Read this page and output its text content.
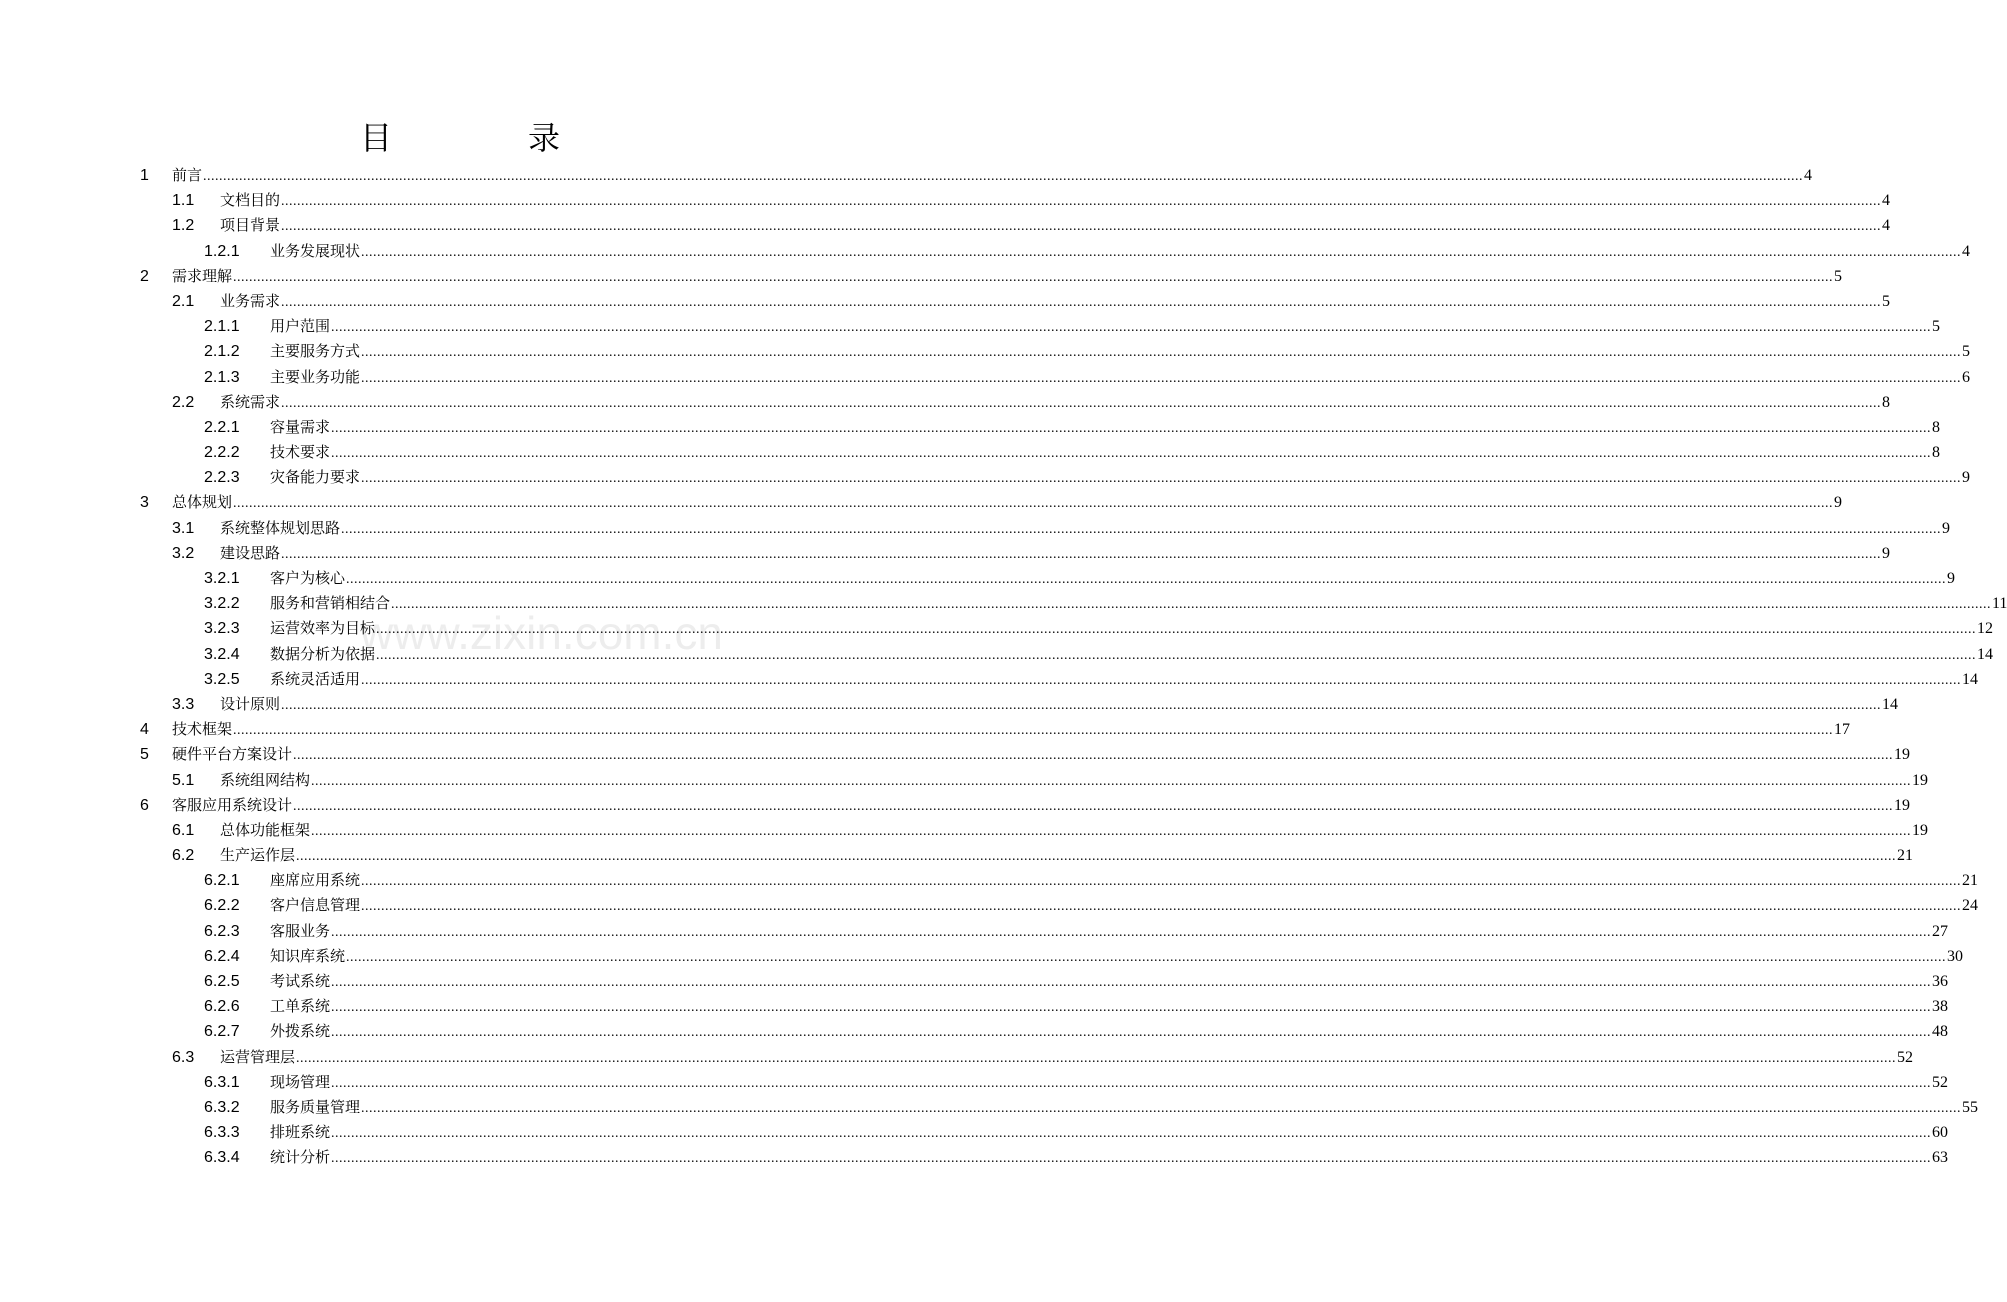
目　录
1 前言 ................................................................................................................................................................................................................................................................................................................................................................................................................ 4
1.1 文档目的 ................................................................................................................................................................................................................................................................................................................................................................................................................ 4
1.2 项目背景 ................................................................................................................................................................................................................................................................................................................................................................................................................ 4
1.2.1 业务发展现状 ................................................................................................................................................................................................................................................................................................................................................................................................................ 4
2 需求理解 ................................................................................................................................................................................................................................................................................................................................................................................................................ 5
2.1 业务需求 ................................................................................................................................................................................................................................................................................................................................................................................................................ 5
2.1.1 用户范围 ................................................................................................................................................................................................................................................................................................................................................................................................................ 5
2.1.2 主要服务方式 ................................................................................................................................................................................................................................................................................................................................................................................................................ 5
2.1.3 主要业务功能 ................................................................................................................................................................................................................................................................................................................................................................................................................ 6
2.2 系统需求 ................................................................................................................................................................................................................................................................................................................................................................................................................ 8
2.2.1 容量需求 ................................................................................................................................................................................................................................................................................................................................................................................................................ 8
2.2.2 技术要求 ................................................................................................................................................................................................................................................................................................................................................................................................................ 8
2.2.3 灾备能力要求 ................................................................................................................................................................................................................................................................................................................................................................................................................ 9
3 总体规划 ................................................................................................................................................................................................................................................................................................................................................................................................................ 9
3.1 系统整体规划思路 ................................................................................................................................................................................................................................................................................................................................................................................................................ 9
3.2 建设思路 ................................................................................................................................................................................................................................................................................................................................................................................................................ 9
3.2.1 客户为核心 ................................................................................................................................................................................................................................................................................................................................................................................................................ 9
3.2.2 服务和营销相结合 ................................................................................................................................................................................................................................................................................................................................................................................................................ 11
3.2.3 运营效率为目标 ................................................................................................................................................................................................................................................................................................................................................................................................................ 12
3.2.4 数据分析为依据 ................................................................................................................................................................................................................................................................................................................................................................................................................ 14
3.2.5 系统灵活适用 ................................................................................................................................................................................................................................................................................................................................................................................................................ 14
3.3 设计原则 ................................................................................................................................................................................................................................................................................................................................................................................................................ 14
4 技术框架 ................................................................................................................................................................................................................................................................................................................................................................................................................ 17
5 硬件平台方案设计 ................................................................................................................................................................................................................................................................................................................................................................................................................ 19
5.1 系统组网结构 ................................................................................................................................................................................................................................................................................................................................................................................................................ 19
6 客服应用系统设计 ................................................................................................................................................................................................................................................................................................................................................................................................................ 19
6.1 总体功能框架 ................................................................................................................................................................................................................................................................................................................................................................................................................ 19
6.2 生产运作层 ................................................................................................................................................................................................................................................................................................................................................................................................................ 21
6.2.1 座席应用系统 ................................................................................................................................................................................................................................................................................................................................................................................................................ 21
6.2.2 客户信息管理 ................................................................................................................................................................................................................................................................................................................................................................................................................ 24
6.2.3 客服业务 ................................................................................................................................................................................................................................................................................................................................................................................................................ 27
6.2.4 知识库系统 ................................................................................................................................................................................................................................................................................................................................................................................................................ 30
6.2.5 考试系统 ................................................................................................................................................................................................................................................................................................................................................................................................................ 36
6.2.6 工单系统 ................................................................................................................................................................................................................................................................................................................................................................................................................ 38
6.2.7 外拨系统 ................................................................................................................................................................................................................................................................................................................................................................................................................ 48
6.3 运营管理层 ................................................................................................................................................................................................................................................................................................................................................................................................................ 52
6.3.1 现场管理 ................................................................................................................................................................................................................................................................................................................................................................................................................ 52
6.3.2 服务质量管理 ................................................................................................................................................................................................................................................................................................................................................................................................................ 55
6.3.3 排班系统 ................................................................................................................................................................................................................................................................................................................................................................................................................ 60
6.3.4 统计分析 ................................................................................................................................................................................................................................................................................................................................................................................................................ 63
www.zixin.com.cn
